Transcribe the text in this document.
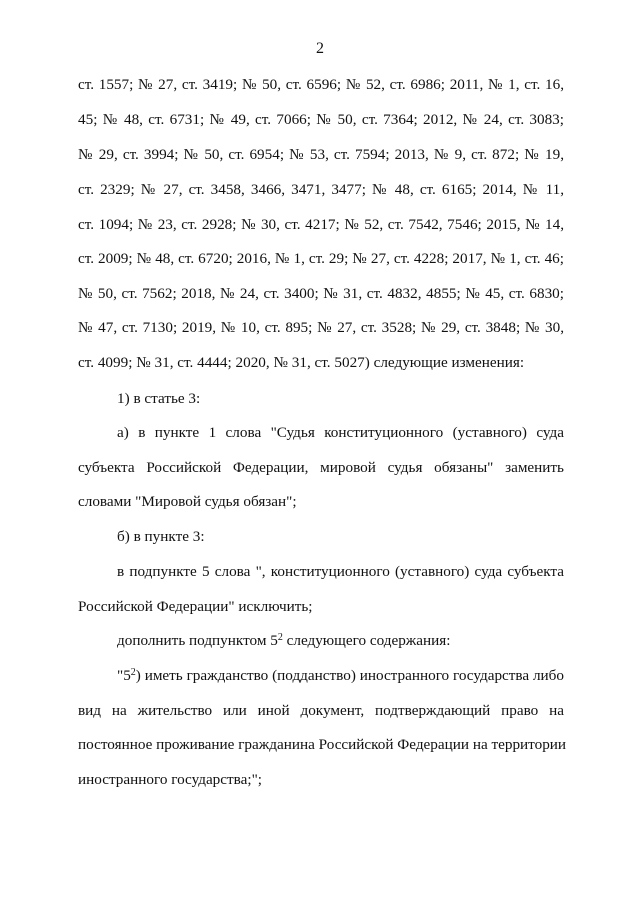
2
ст. 1557; № 27, ст. 3419; № 50, ст. 6596; № 52, ст. 6986; 2011, № 1, ст. 16,
45; № 48, ст. 6731; № 49, ст. 7066; № 50, ст. 7364; 2012, № 24, ст. 3083;
№ 29, ст. 3994; № 50, ст. 6954; № 53, ст. 7594; 2013, № 9, ст. 872; № 19,
ст. 2329; № 27, ст. 3458, 3466, 3471, 3477; № 48, ст. 6165; 2014, № 11,
ст. 1094; № 23, ст. 2928; № 30, ст. 4217; № 52, ст. 7542, 7546; 2015, № 14,
ст. 2009; № 48, ст. 6720; 2016, № 1, ст. 29; № 27, ст. 4228; 2017, № 1, ст. 46;
№ 50, ст. 7562; 2018, № 24, ст. 3400; № 31, ст. 4832, 4855; № 45, ст. 6830;
№ 47, ст. 7130; 2019, № 10, ст. 895; № 27, ст. 3528; № 29, ст. 3848; № 30,
ст. 4099; № 31, ст. 4444; 2020, № 31, ст. 5027) следующие изменения:
1) в статье 3:
а) в пункте 1 слова "Судья конституционного (уставного) суда
субъекта Российской Федерации, мировой судья обязаны" заменить
словами "Мировой судья обязан";
б) в пункте 3:
в подпункте 5 слова ", конституционного (уставного) суда субъекта
Российской Федерации" исключить;
дополнить подпунктом $5^2$ следующего содержания:
"$5^2$) иметь гражданство (подданство) иностранного государства либо
вид на жительство или иной документ, подтверждающий право на
постоянное проживание гражданина Российской Федерации на территории
иностранного государства;";
